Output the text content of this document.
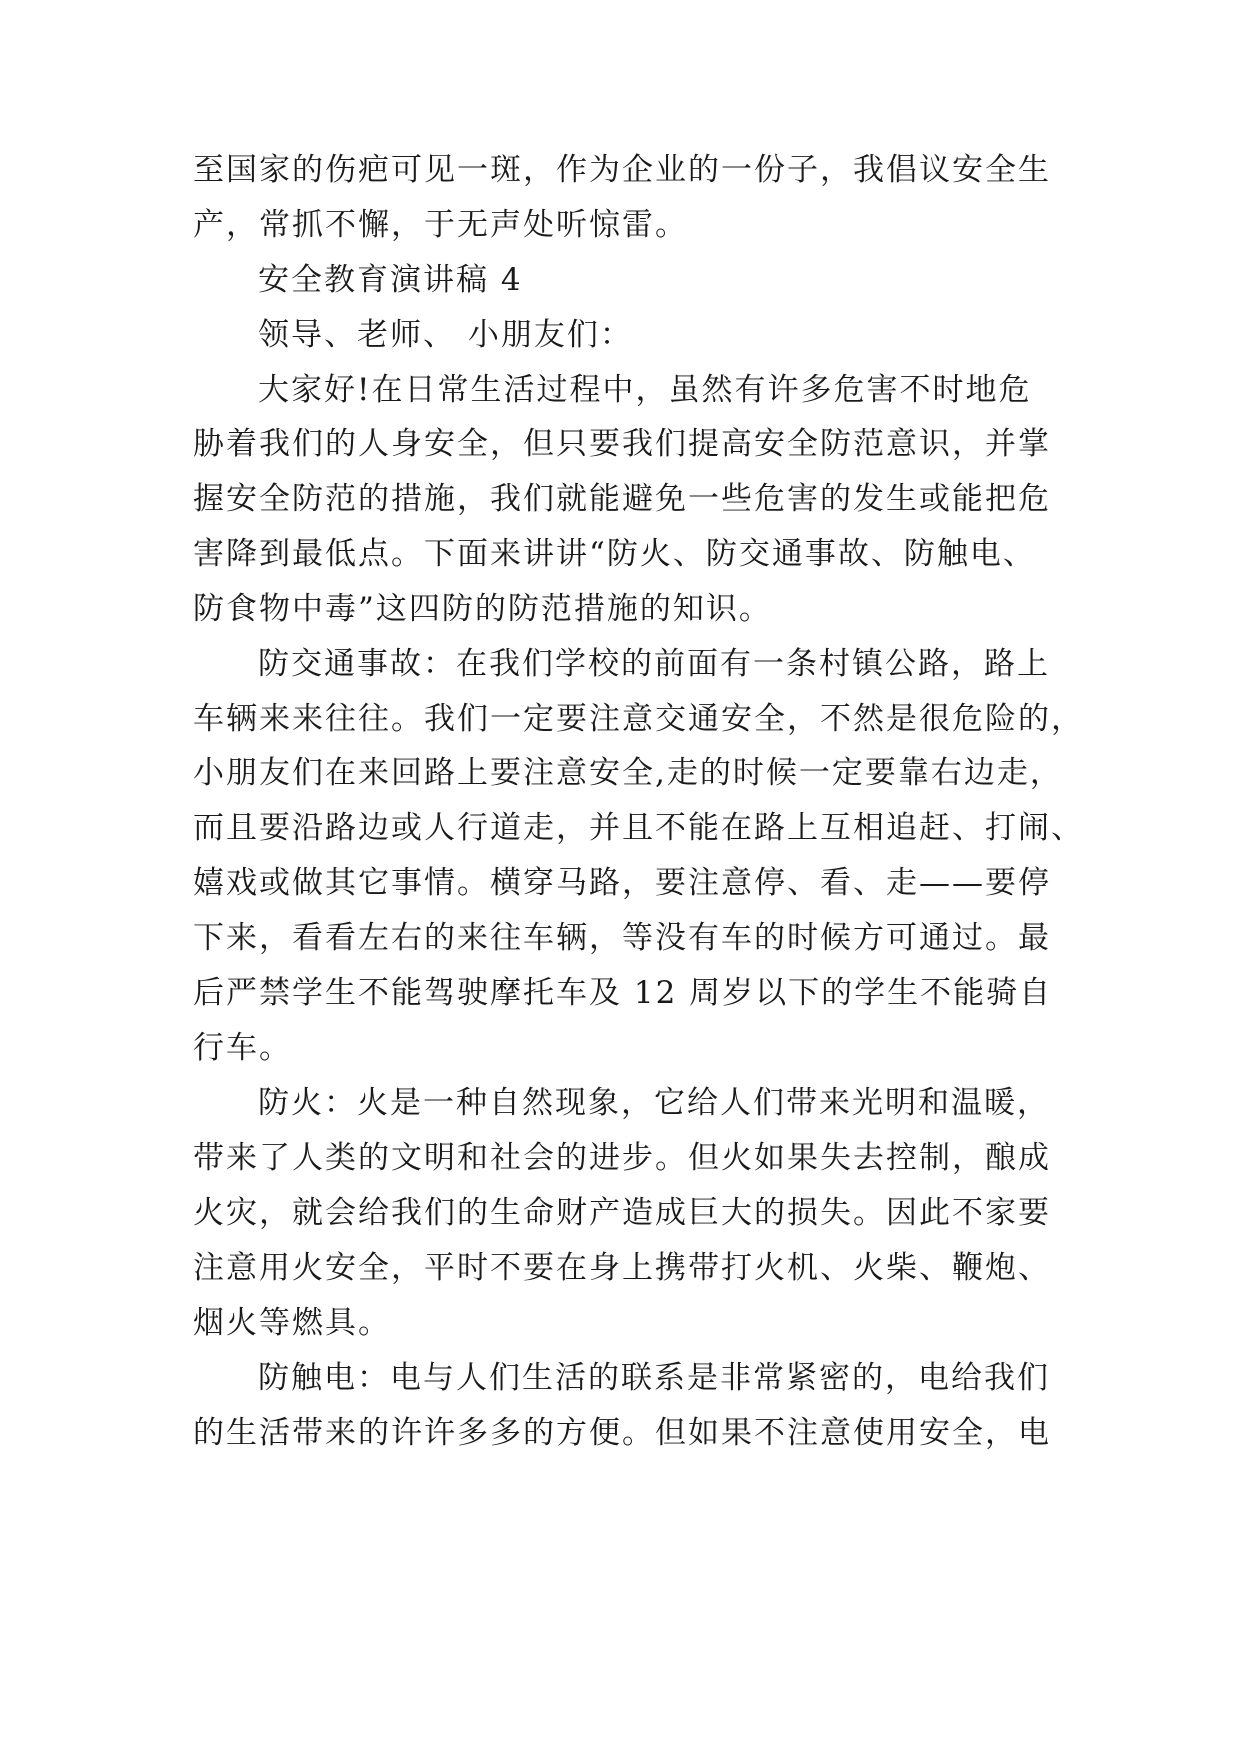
至国家的伤疤可见一斑，作为企业的一份子，我倡议安全生
产，常抓不懈，于无声处听惊雷。
安全教育演讲稿 4
领导、老师、 小朋友们：
大家好!在日常生活过程中，虽然有许多危害不时地危
胁着我们的人身安全，但只要我们提高安全防范意识，并掌
握安全防范的措施，我们就能避免一些危害的发生或能把危
害降到最低点。下面来讲讲“防火、防交通事故、防触电、
防食物中毒”这四防的防范措施的知识。
防交通事故：在我们学校的前面有一条村镇公路，路上
车辆来来往往。我们一定要注意交通安全，不然是很危险的，
小朋友们在来回路上要注意安全,走的时候一定要靠右边走，
而且要沿路边或人行道走，并且不能在路上互相追赶、打闹、
嬉戏或做其它事情。横穿马路，要注意停、看、走——要停
下来，看看左右的来往车辆，等没有车的时候方可通过。最
后严禁学生不能驾驶摩托车及 12 周岁以下的学生不能骑自
行车。
防火：火是一种自然现象，它给人们带来光明和温暖，
带来了人类的文明和社会的进步。但火如果失去控制，酿成
火灾，就会给我们的生命财产造成巨大的损失。因此不家要
注意用火安全，平时不要在身上携带打火机、火柴、鞭炮、
烟火等燃具。
防触电：电与人们生活的联系是非常紧密的，电给我们
的生活带来的许许多多的方便。但如果不注意使用安全，电
